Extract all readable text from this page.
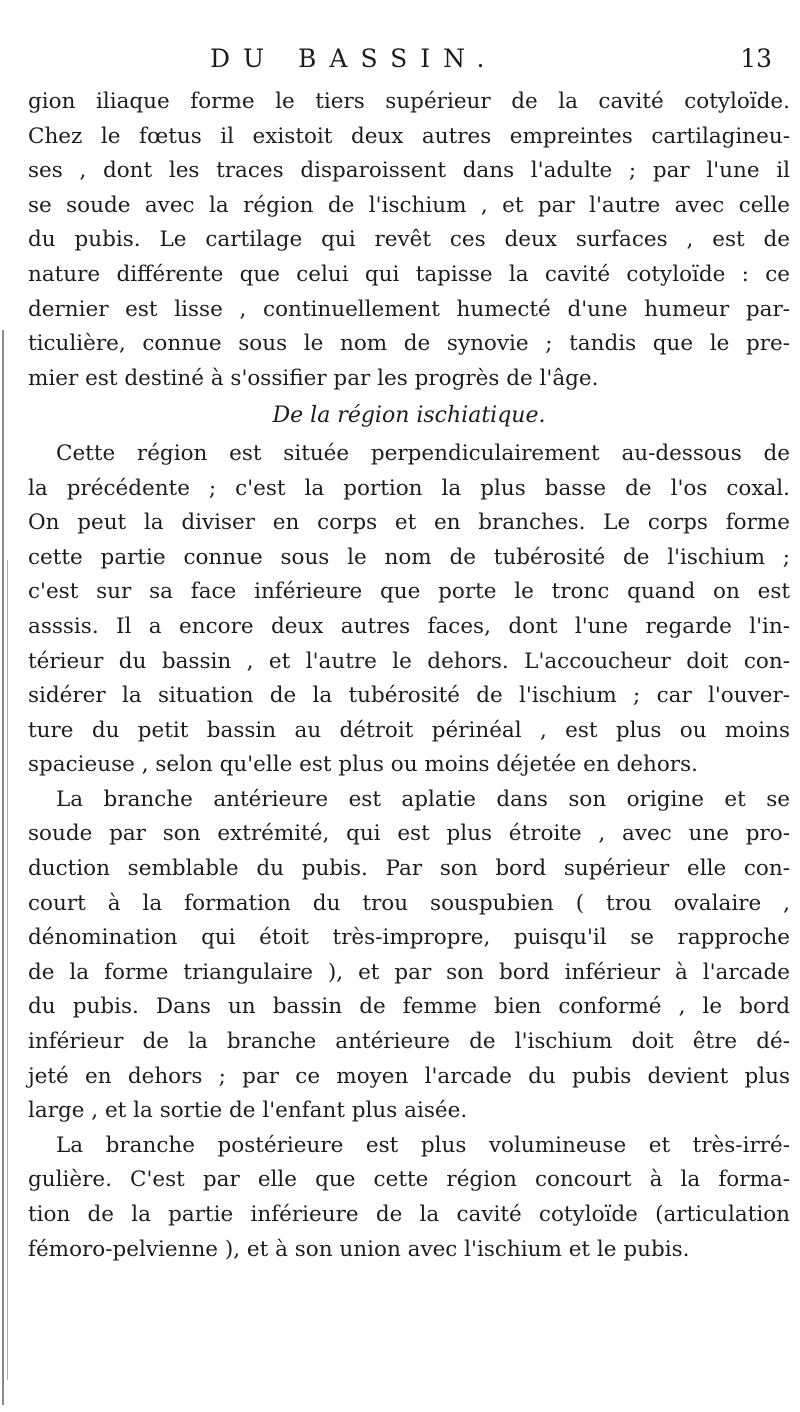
DU BASSIN.	13
gion iliaque forme le tiers supérieur de la cavité cotyloïde.
Chez le fœtus il existoit deux autres empreintes cartilagineu-
ses , dont les traces disparoissent dans l'adulte ; par l'une il
se soude avec la région de l'ischium , et par l'autre avec celle
du pubis. Le cartilage qui revêt ces deux surfaces , est de
nature différente que celui qui tapisse la cavité cotyloïde : ce
dernier est lisse , continuellement humecté d'une humeur par-
ticulière, connue sous le nom de synovie ; tandis que le pre-
mier est destiné à s'ossifier par les progrès de l'âge.
De la région ischiatique.
Cette région est située perpendiculairement au-dessous de
la précédente ; c'est la portion la plus basse de l'os coxal.
On peut la diviser en corps et en branches. Le corps forme
cette partie connue sous le nom de tubérosité de l'ischium ;
c'est sur sa face inférieure que porte le tronc quand on est
asssis. Il a encore deux autres faces, dont l'une regarde l'in-
térieur du bassin , et l'autre le dehors. L'accoucheur doit con-
sidérer la situation de la tubérosité de l'ischium ; car l'ouver-
ture du petit bassin au détroit périnéal , est plus ou moins
spacieuse , selon qu'elle est plus ou moins déjetée en dehors.
La branche antérieure est aplatie dans son origine et se
soude par son extrémité, qui est plus étroite , avec une pro-
duction semblable du pubis. Par son bord supérieur elle con-
court à la formation du trou souspubien ( trou ovalaire ,
dénomination qui étoit très-impropre, puisqu'il se rapproche
de la forme triangulaire ), et par son bord inférieur à l'arcade
du pubis. Dans un bassin de femme bien conformé , le bord
inférieur de la branche antérieure de l'ischium doit être dé-
jeté en dehors ; par ce moyen l'arcade du pubis devient plus
large , et la sortie de l'enfant plus aisée.
La branche postérieure est plus volumineuse et très-irré-
gulière. C'est par elle que cette région concourt à la forma-
tion de la partie inférieure de la cavité cotyloïde (articulation
fémoro-pelvienne ), et à son union avec l'ischium et le pubis.
